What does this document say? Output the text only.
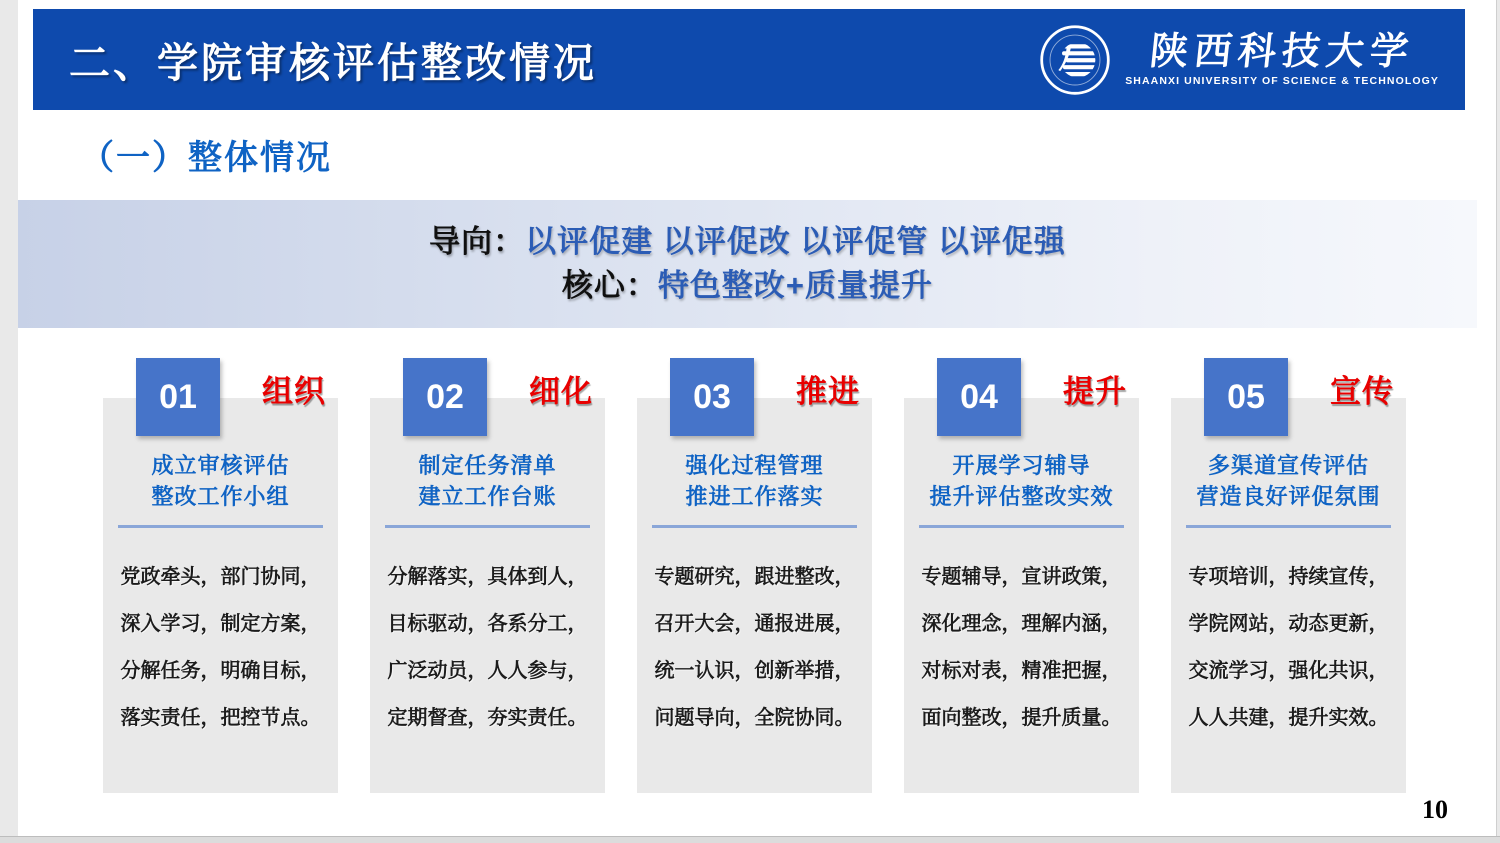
二、学院审核评估整改情况	陕西科技大学
SHAANXI UNIVERSITY OF SCIENCE & TECHNOLOGY
（一）整体情况
导向：以评促建 以评促改 以评促管 以评促强
核心：特色整改+质量提升
01	组织
成立审核评估
整改工作小组
党政牵头，部门协同，
深入学习，制定方案，
分解任务，明确目标，
落实责任，把控节点。
02	细化
制定任务清单
建立工作台账
分解落实，具体到人，
目标驱动，各系分工，
广泛动员，人人参与，
定期督查，夯实责任。
03	推进
强化过程管理
推进工作落实
专题研究，跟进整改，
召开大会，通报进展，
统一认识，创新举措，
问题导向，全院协同。
04	提升
开展学习辅导
提升评估整改实效
专题辅导，宣讲政策，
深化理念，理解内涵，
对标对表，精准把握，
面向整改，提升质量。
05	宣传
多渠道宣传评估
营造良好评促氛围
专项培训，持续宣传，
学院网站，动态更新，
交流学习，强化共识，
人人共建，提升实效。
10
